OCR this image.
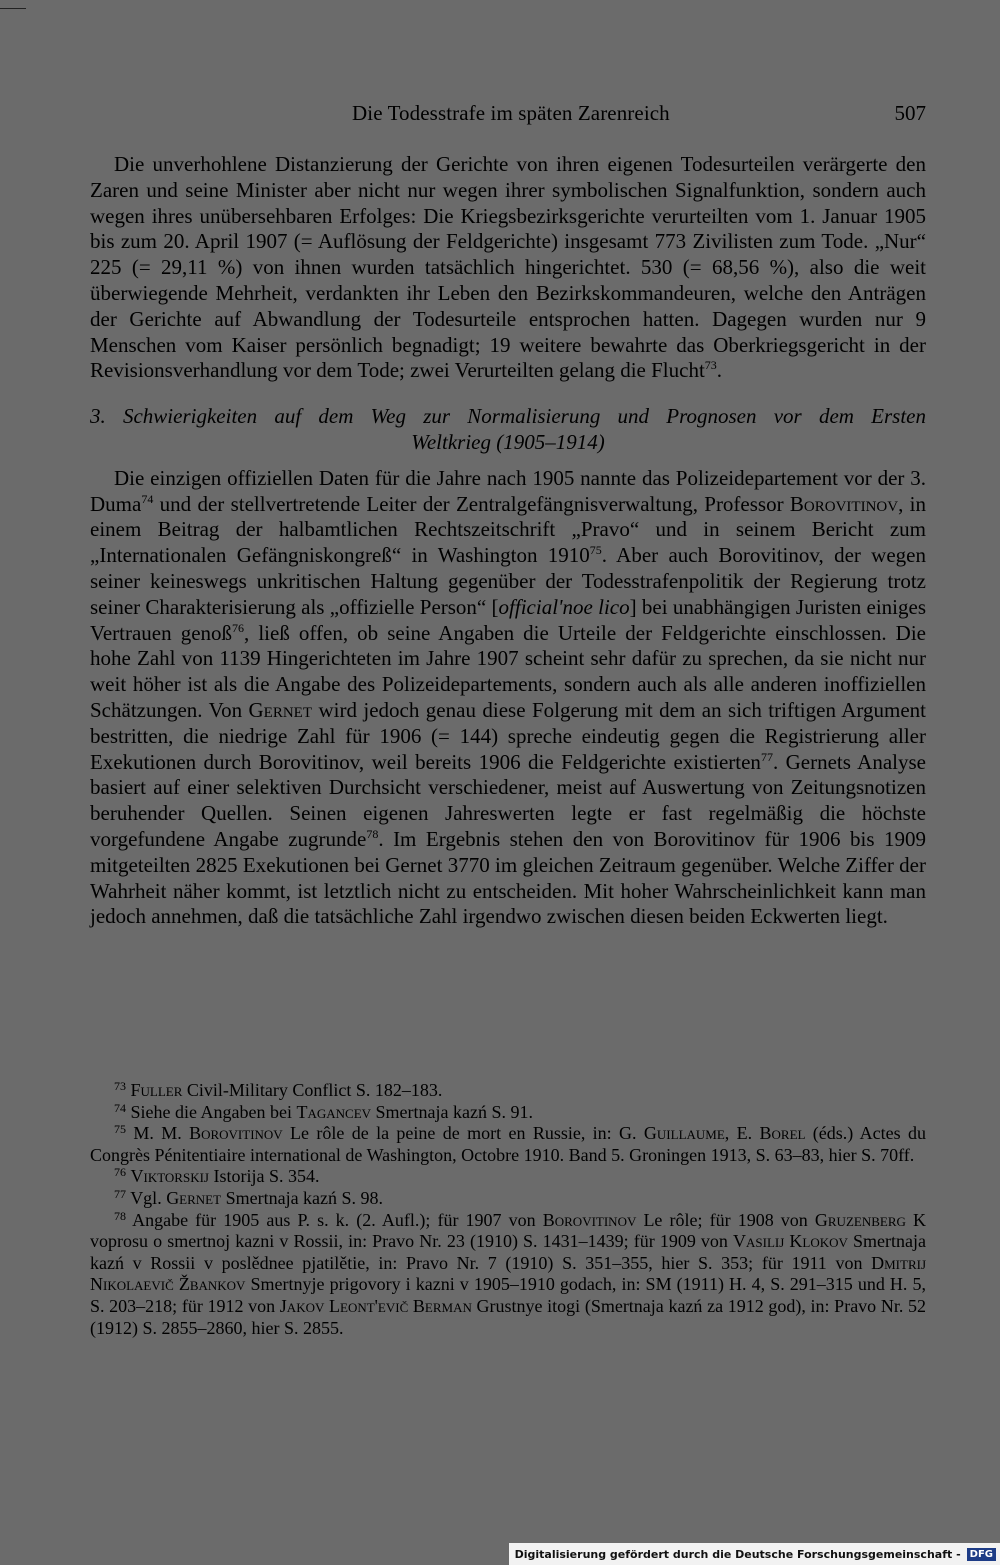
Die Todesstrafe im späten Zarenreich	507

Die unverhohlene Distanzierung der Gerichte von ihren eigenen Todesurteilen verärgerte den Zaren und seine Minister aber nicht nur wegen ihrer symbolischen Signalfunktion, sondern auch wegen ihres unübersehbaren Erfolges: Die Kriegsbezirksgerichte verurteilten vom 1. Januar 1905 bis zum 20. April 1907 (= Auflösung der Feldgerichte) insgesamt 773 Zivilisten zum Tode. „Nur“ 225 (= 29,11 %) von ihnen wurden tatsächlich hingerichtet. 530 (= 68,56 %), also die weit überwiegende Mehrheit, verdankten ihr Leben den Bezirkskommandeuren, welche den Anträgen der Gerichte auf Abwandlung der Todesurteile entsprochen hatten. Dagegen wurden nur 9 Menschen vom Kaiser persönlich begnadigt; 19 weitere bewahrte das Oberkriegsgericht in der Revisionsverhandlung vor dem Tode; zwei Verurteilten gelang die Flucht$^{73}$.

3. Schwierigkeiten auf dem Weg zur Normalisierung und Prognosen vor dem Ersten
Weltkrieg (1905–1914)

Die einzigen offiziellen Daten für die Jahre nach 1905 nannte das Polizeidepartement vor der 3. Duma$^{74}$ und der stellvertretende Leiter der Zentralgefängnisverwaltung, Professor Borovitinov, in einem Beitrag der halbamtlichen Rechtszeitschrift „Pravo“ und in seinem Bericht zum „Internationalen Gefängniskongreß“ in Washington 1910$^{75}$. Aber auch Borovitinov, der wegen seiner keineswegs unkritischen Haltung gegenüber der Todesstrafenpolitik der Regierung trotz seiner Charakterisierung als „offizielle Person“ [official'noe lico] bei unabhängigen Juristen einiges Vertrauen genoß$^{76}$, ließ offen, ob seine Angaben die Urteile der Feldgerichte einschlossen. Die hohe Zahl von 1139 Hingerichteten im Jahre 1907 scheint sehr dafür zu sprechen, da sie nicht nur weit höher ist als die Angabe des Polizeidepartements, sondern auch als alle anderen inoffiziellen Schätzungen. Von Gernet wird jedoch genau diese Folgerung mit dem an sich triftigen Argument bestritten, die niedrige Zahl für 1906 (= 144) spreche eindeutig gegen die Registrierung aller Exekutionen durch Borovitinov, weil bereits 1906 die Feldgerichte existierten$^{77}$. Gernets Analyse basiert auf einer selektiven Durchsicht verschiedener, meist auf Auswertung von Zeitungsnotizen beruhender Quellen. Seinen eigenen Jahreswerten legte er fast regelmäßig die höchste vorgefundene Angabe zugrunde$^{78}$. Im Ergebnis stehen den von Borovitinov für 1906 bis 1909 mitgeteilten 2825 Exekutionen bei Gernet 3770 im gleichen Zeitraum gegenüber. Welche Ziffer der Wahrheit näher kommt, ist letztlich nicht zu entscheiden. Mit hoher Wahrscheinlichkeit kann man jedoch annehmen, daß die tatsächliche Zahl irgendwo zwischen diesen beiden Eckwerten liegt.

$^{73}$ Fuller Civil-Military Conflict S. 182–183.

$^{74}$ Siehe die Angaben bei Tagancev Smertnaja kazń S. 91.

$^{75}$ M. M. Borovitinov Le rôle de la peine de mort en Russie, in: G. Guillaume, E. Borel (éds.) Actes du Congrès Pénitentiaire international de Washington, Octobre 1910. Band 5. Groningen 1913, S. 63–83, hier S. 70ff.

$^{76}$ Viktorskij Istorija S. 354.

$^{77}$ Vgl. Gernet Smertnaja kazń S. 98.

$^{78}$ Angabe für 1905 aus P. s. k. (2. Aufl.); für 1907 von Borovitinov Le rôle; für 1908 von Gruzenberg K voprosu o smertnoj kazni v Rossii, in: Pravo Nr. 23 (1910) S. 1431–1439; für 1909 von Vasilij Klokov Smertnaja kazń v Rossii v poslědnee pjatilětie, in: Pravo Nr. 7 (1910) S. 351–355, hier S. 353; für 1911 von Dmitrij Nikolaevič Žbankov Smertnyje prigovory i kazni v 1905–1910 godach, in: SM (1911) H. 4, S. 291–315 und H. 5, S. 203–218; für 1912 von Jakov Leont'evič Berman Grustnye itogi (Smertnaja kazń za 1912 god), in: Pravo Nr. 52 (1912) S. 2855–2860, hier S. 2855.

Digitalisierung gefördert durch die Deutsche Forschungsgemeinschaft - DFG
